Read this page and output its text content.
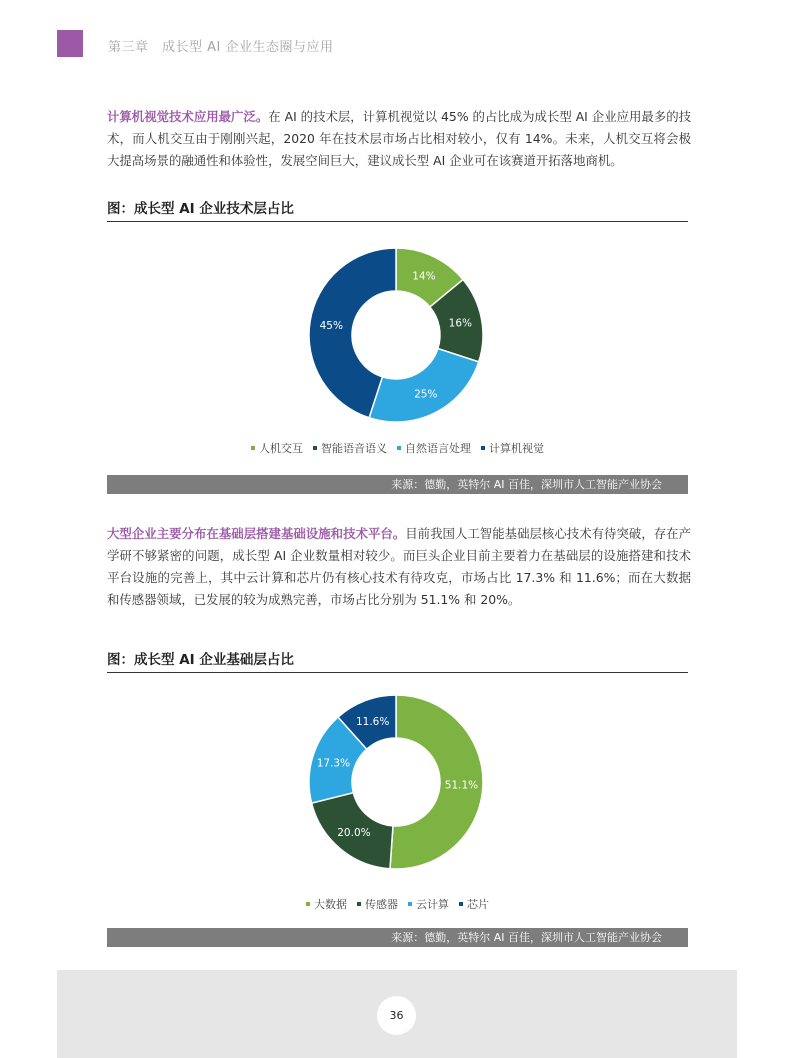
第三章　成长型 AI 企业生态圈与应用

计算机视觉技术应用最广泛。在 AI 的技术层，计算机视觉以 45% 的占比成为成长型 AI 企业应用最多的技术，而人机交互由于刚刚兴起，2020 年在技术层市场占比相对较小，仅有 14%。未来，人机交互将会极大提高场景的融通性和体验性，发展空间巨大，建议成长型 AI 企业可在该赛道开拓落地商机。

图：成长型 AI 企业技术层占比
14%
16%
25%
45%
人机交互 智能语音语义 自然语言处理 计算机视觉
来源：德勤，英特尔 AI 百佳，深圳市人工智能产业协会

大型企业主要分布在基础层搭建基础设施和技术平台。目前我国人工智能基础层核心技术有待突破，存在产学研不够紧密的问题，成长型 AI 企业数量相对较少。而巨头企业目前主要着力在基础层的设施搭建和技术平台设施的完善上，其中云计算和芯片仍有核心技术有待攻克，市场占比 17.3% 和 11.6%；而在大数据和传感器领域，已发展的较为成熟完善，市场占比分别为 51.1% 和 20%。

图：成长型 AI 企业基础层占比
51.1%
20.0%
17.3%
11.6%
大数据 传感器 云计算 芯片
来源：德勤，英特尔 AI 百佳，深圳市人工智能产业协会
36
